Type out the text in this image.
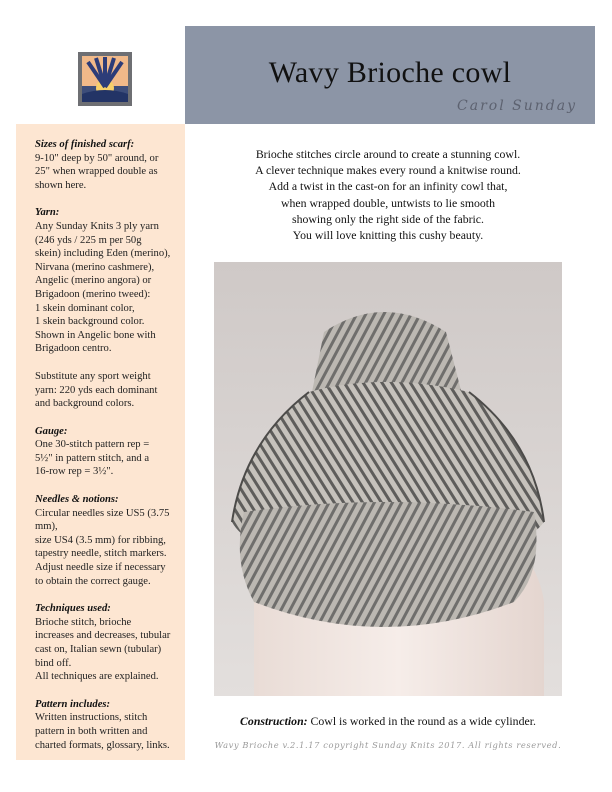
Wavy Brioche cowl
Carol Sunday
Sizes of finished scarf:
9-10" deep by 50" around, or
25" when wrapped double as
shown here.
Yarn:
Any Sunday Knits 3 ply yarn
(246 yds / 225 m per 50g
skein) including Eden (merino),
Nirvana (merino cashmere),
Angelic (merino angora) or
Brigadoon (merino tweed):
1 skein dominant color,
1 skein background color.
Shown in Angelic bone with
Brigadoon centro.
Substitute any sport weight
yarn: 220 yds each dominant
and background colors.
Gauge:
One 30-stitch pattern rep =
5½" in pattern stitch, and a
16-row rep = 3½".
Needles & notions:
Circular needles size US5 (3.75
mm),
size US4 (3.5 mm) for ribbing,
tapestry needle, stitch markers.
Adjust needle size if necessary
to obtain the correct gauge.
Techniques used:
Brioche stitch, brioche
increases and decreases, tubular
cast on, Italian sewn (tubular)
bind off.
All techniques are explained.
Pattern includes:
Written instructions, stitch
pattern in both written and
charted formats, glossary, links.
Brioche stitches circle around to create a stunning cowl.
A clever technique makes every round a knitwise round.
Add a twist in the cast-on for an infinity cowl that,
when wrapped double, untwists to lie smooth
showing only the right side of the fabric.
You will love knitting this cushy beauty.
Construction: Cowl is worked in the round as a wide cylinder.
Wavy Brioche v.2.1.17 copyright Sunday Knits 2017. All rights reserved.
